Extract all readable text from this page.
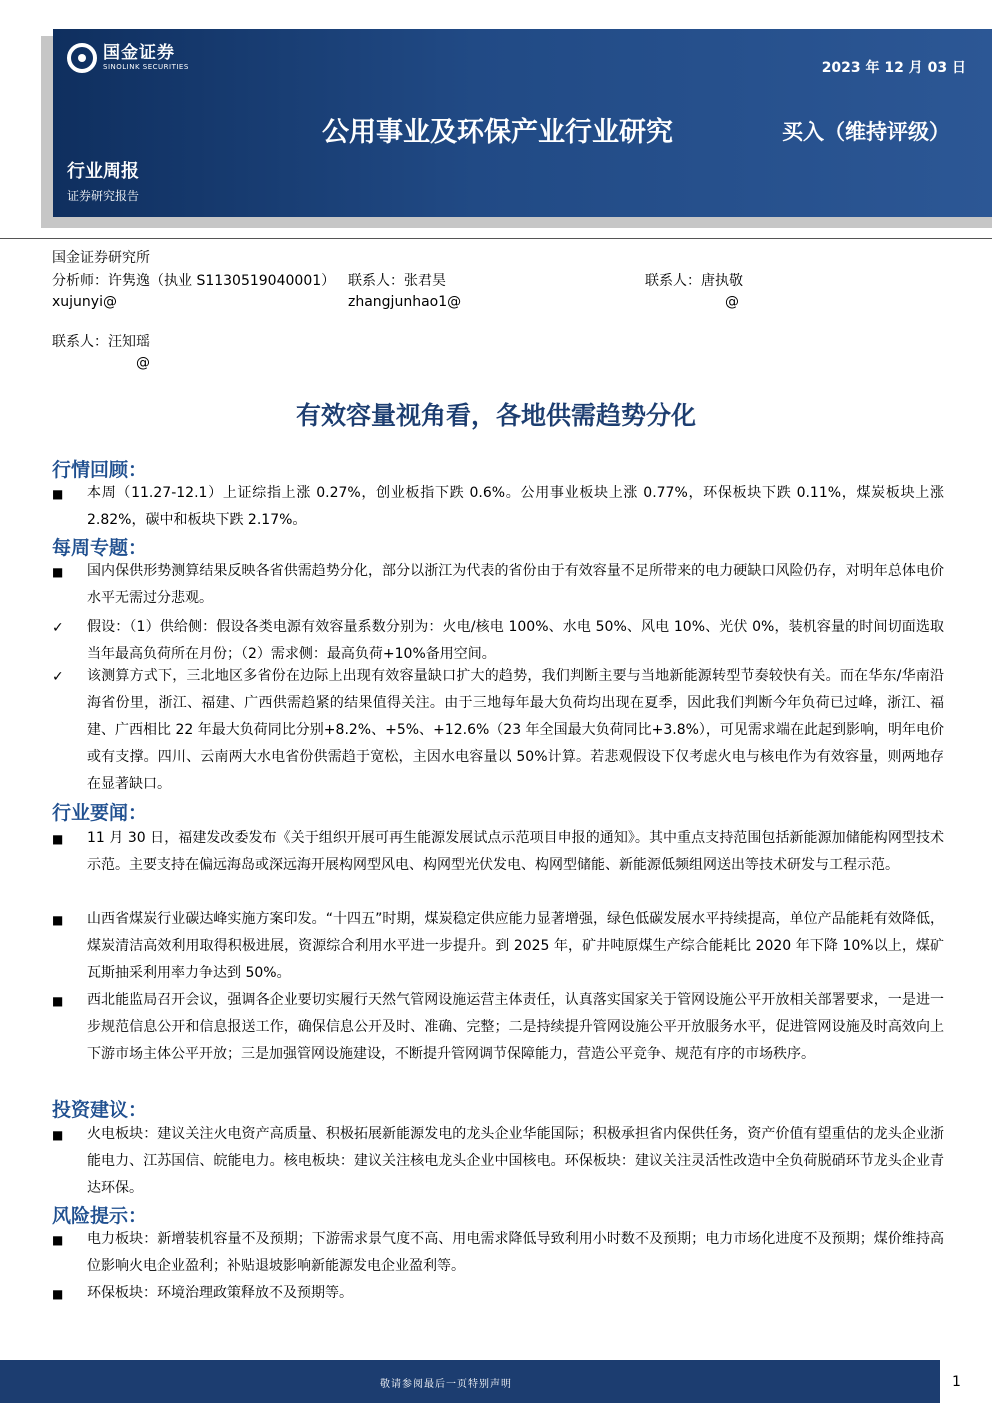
国金证券
SINOLINK SECURITIES	2023 年 12 月 03 日
公用事业及环保产业行业研究	买入（维持评级）
行业周报
证券研究报告
国金证券研究所
分析师：许隽逸（执业 S1130519040001）
xujunyi@
联系人：张君昊
zhangjunhao1@
联系人：唐执敬
@
联系人：汪知瑶
@
有效容量视角看，各地供需趋势分化
行情回顾：
■	本周（11.27-12.1）上证综指上涨 0.27%，创业板指下跌 0.6%。公用事业板块上涨 0.77%，环保板块下跌 0.11%，煤炭板块上涨 2.82%，碳中和板块下跌 2.17%。
每周专题：
■	国内保供形势测算结果反映各省供需趋势分化，部分以浙江为代表的省份由于有效容量不足所带来的电力硬缺口风险仍存，对明年总体电价水平无需过分悲观。
✓	假设：（1）供给侧：假设各类电源有效容量系数分别为：火电/核电 100%、水电 50%、风电 10%、光伏 0%，装机容量的时间切面选取当年最高负荷所在月份；（2）需求侧：最高负荷+10%备用空间。
✓	该测算方式下，三北地区多省份在边际上出现有效容量缺口扩大的趋势，我们判断主要与当地新能源转型节奏较快有关。而在华东/华南沿海省份里，浙江、福建、广西供需趋紧的结果值得关注。由于三地每年最大负荷均出现在夏季，因此我们判断今年负荷已过峰，浙江、福建、广西相比 22 年最大负荷同比分别+8.2%、+5%、+12.6%（23 年全国最大负荷同比+3.8%），可见需求端在此起到影响，明年电价或有支撑。四川、云南两大水电省份供需趋于宽松，主因水电容量以 50%计算。若悲观假设下仅考虑火电与核电作为有效容量，则两地存在显著缺口。
行业要闻：
■	11 月 30 日，福建发改委发布《关于组织开展可再生能源发展试点示范项目申报的通知》。其中重点支持范围包括新能源加储能构网型技术示范。主要支持在偏远海岛或深远海开展构网型风电、构网型光伏发电、构网型储能、新能源低频组网送出等技术研发与工程示范。
■	山西省煤炭行业碳达峰实施方案印发。“十四五”时期，煤炭稳定供应能力显著增强，绿色低碳发展水平持续提高，单位产品能耗有效降低，煤炭清洁高效利用取得积极进展，资源综合利用水平进一步提升。到 2025 年，矿井吨原煤生产综合能耗比 2020 年下降 10%以上，煤矿瓦斯抽采利用率力争达到 50%。
■	西北能监局召开会议，强调各企业要切实履行天然气管网设施运营主体责任，认真落实国家关于管网设施公平开放相关部署要求，一是进一步规范信息公开和信息报送工作，确保信息公开及时、准确、完整；二是持续提升管网设施公平开放服务水平，促进管网设施及时高效向上下游市场主体公平开放；三是加强管网设施建设，不断提升管网调节保障能力，营造公平竞争、规范有序的市场秩序。
投资建议：
■	火电板块：建议关注火电资产高质量、积极拓展新能源发电的龙头企业华能国际；积极承担省内保供任务，资产价值有望重估的龙头企业浙能电力、江苏国信、皖能电力。核电板块：建议关注核电龙头企业中国核电。环保板块：建议关注灵活性改造中全负荷脱硝环节龙头企业青达环保。
风险提示：
■	电力板块：新增装机容量不及预期；下游需求景气度不高、用电需求降低导致利用小时数不及预期；电力市场化进度不及预期；煤价维持高位影响火电企业盈利；补贴退坡影响新能源发电企业盈利等。
■	环保板块：环境治理政策释放不及预期等。
敬请参阅最后一页特别声明	1
